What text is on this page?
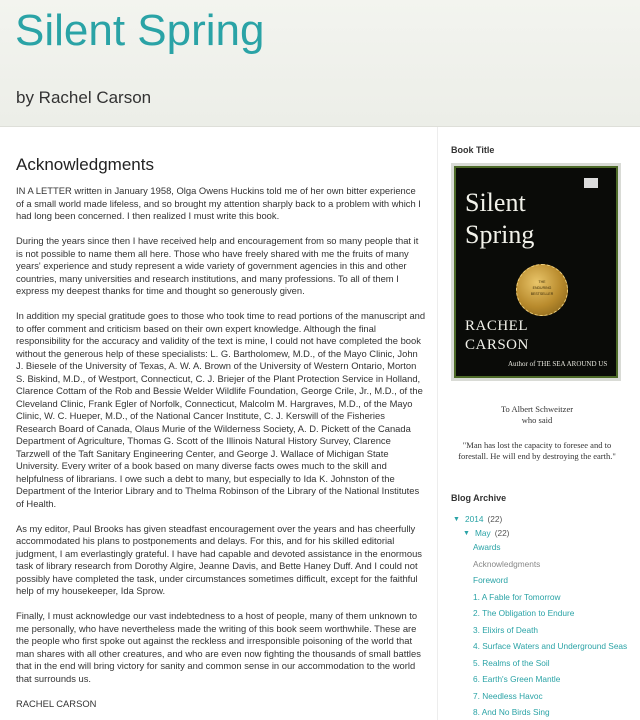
Silent Spring
by Rachel Carson
Acknowledgments

IN A LETTER written in January 1958, Olga Owens Huckins told me of her own bitter experience of a small world made lifeless, and so brought my attention sharply back to a problem with which I had long been concerned. I then realized I must write this book.

During the years since then I have received help and encouragement from so many people that it is not possible to name them all here. Those who have freely shared with me the fruits of many years' experience and study represent a wide variety of government agencies in this and other countries, many universities and research institutions, and many professions. To all of them I express my deepest thanks for time and thought so generously given.

In addition my special gratitude goes to those who took time to read portions of the manuscript and to offer comment and criticism based on their own expert knowledge. Although the final responsibility for the accuracy and validity of the text is mine, I could not have completed the book without the generous help of these specialists: L. G. Bartholomew, M.D., of the Mayo Clinic, John J. Biesele of the University of Texas, A. W. A. Brown of the University of Western Ontario, Morton S. Biskind, M.D., of Westport, Connecticut, C. J. Briejer of the Plant Protection Service in Holland, Clarence Cottam of the Rob and Bessie Welder Wildlife Foundation, George Crile, Jr., M.D., of the Cleveland Clinic, Frank Egler of Norfolk, Connecticut, Malcolm M. Hargraves, M.D., of the Mayo Clinic, W. C. Hueper, M.D., of the National Cancer Institute, C. J. Kerswill of the Fisheries Research Board of Canada, Olaus Murie of the Wilderness Society, A. D. Pickett of the Canada Department of Agriculture, Thomas G. Scott of the Illinois Natural History Survey, Clarence Tarzwell of the Taft Sanitary Engineering Center, and George J. Wallace of Michigan State University. Every writer of a book based on many diverse facts owes much to the skill and helpfulness of librarians. I owe such a debt to many, but especially to Ida K. Johnston of the Department of the Interior Library and to Thelma Robinson of the Library of the National Institutes of Health.

As my editor, Paul Brooks has given steadfast encouragement over the years and has cheerfully accommodated his plans to postponements and delays. For this, and for his skilled editorial judgment, I am everlastingly grateful. I have had capable and devoted assistance in the enormous task of library research from Dorothy Algire, Jeanne Davis, and Bette Haney Duff. And I could not possibly have completed the task, under circumstances sometimes difficult, except for the faithful help of my housekeeper, Ida Sprow.

Finally, I must acknowledge our vast indebtedness to a host of people, many of them unknown to me personally, who have nevertheless made the writing of this book seem worthwhile. These are the people who first spoke out against the reckless and irresponsible poisoning of the world that man shares with all other creatures, and who are even now fighting the thousands of small battles that in the end will bring victory for sanity and common sense in our accommodation to the world that surrounds us.

RACHEL CARSON

Book Title
Silent
Spring
THE
ENDURING
BESTSELLER
RACHEL
CARSON
Author of THE SEA AROUND US
To Albert Schweitzer
who said
"Man has lost the capacity to foresee and to forestall. He will end by destroying the earth."
Blog Archive
▼ 2014 (22)
▼ May (22)
Awards
Acknowledgments
Foreword
1. A Fable for Tomorrow
2. The Obligation to Endure
3. Elixirs of Death
4. Surface Waters and Underground Seas
5. Realms of the Soil
6. Earth's Green Mantle
7. Needless Havoc
8. And No Birds Sing
